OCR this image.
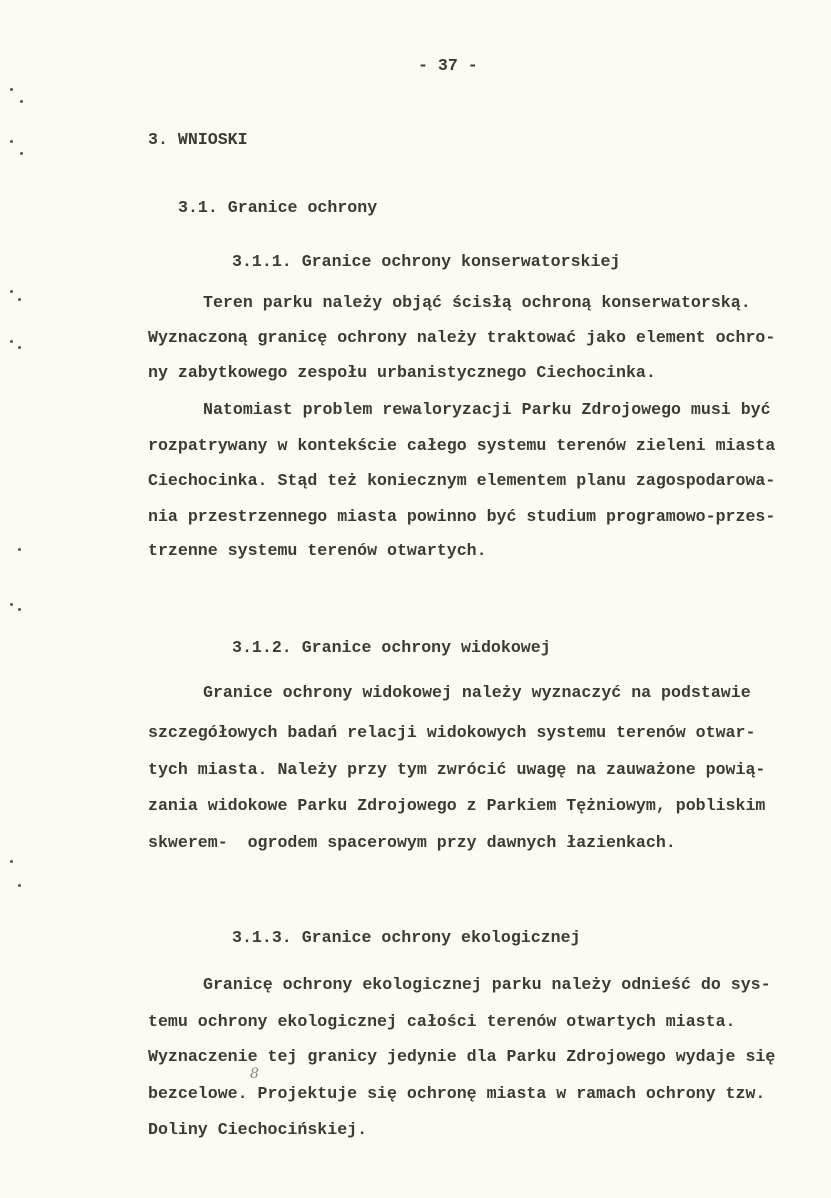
- 37 -
3. WNIOSKI
3.1. Granice ochrony
3.1.1. Granice ochrony konserwatorskiej
Teren parku należy objąć ścisłą ochroną konserwatorską.
Wyznaczoną granicę ochrony należy traktować jako element ochro-
ny zabytkowego zespołu urbanistycznego Ciechocinka.
Natomiast problem rewaloryzacji Parku Zdrojowego musi być
rozpatrywany w kontekście całego systemu terenów zieleni miasta
Ciechocinka. Stąd też koniecznym elementem planu zagospodarowa-
nia przestrzennego miasta powinno być studium programowo-przes-
trzenne systemu terenów otwartych.
3.1.2. Granice ochrony widokowej
Granice ochrony widokowej należy wyznaczyć na podstawie
szczegółowych badań relacji widokowych systemu terenów otwar-
tych miasta. Należy przy tym zwrócić uwagę na zauważone powią-
zania widokowe Parku Zdrojowego z Parkiem Tężniowym, pobliskim
skwerem-  ogrodem spacerowym przy dawnych łazienkach.
3.1.3. Granice ochrony ekologicznej
Granicę ochrony ekologicznej parku należy odnieść do sys-
temu ochrony ekologicznej całości terenów otwartych miasta.
Wyznaczenie tej granicy jedynie dla Parku Zdrojowego wydaje się
bezcelowe. Projektuje się ochronę miasta w ramach ochrony tzw.
Doliny Ciechocińskiej.
8
